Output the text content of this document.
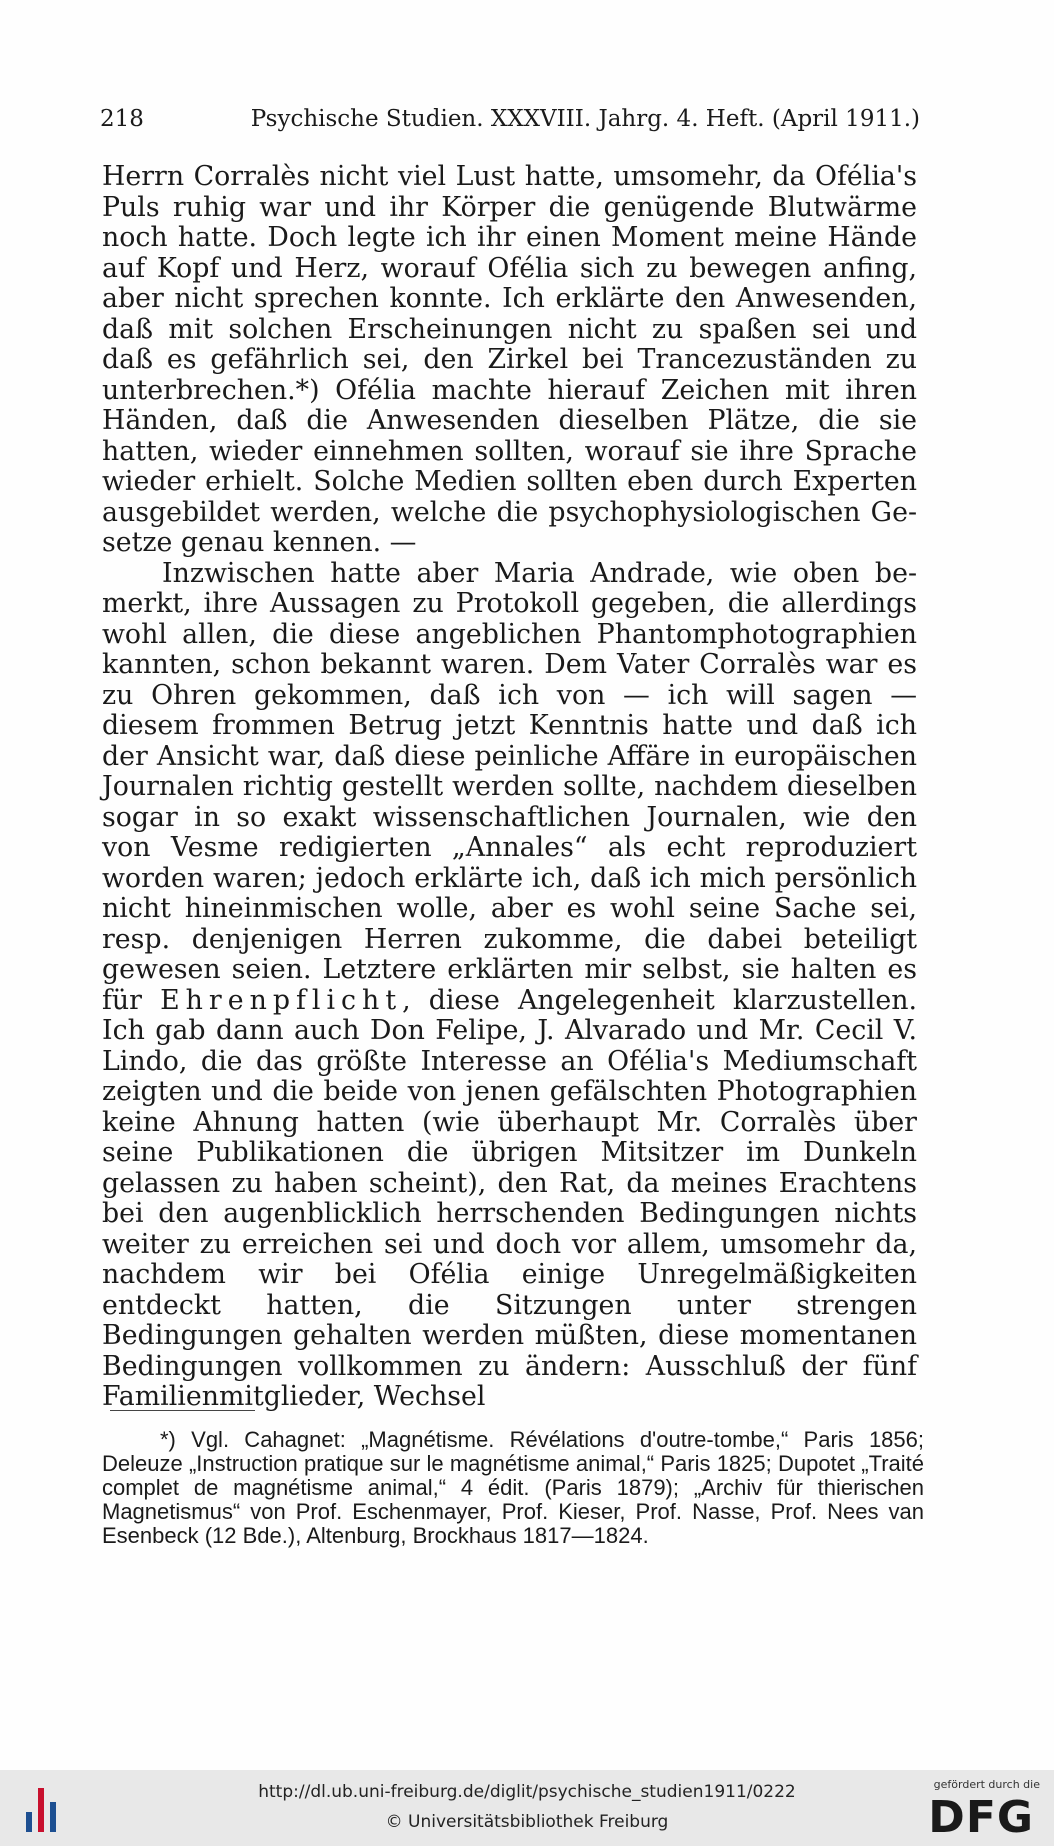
218	Psychische Studien. XXXVIII. Jahrg. 4. Heft. (April 1911.)

Herrn Corralès nicht viel Lust hatte, umsomehr, da Ofélia's Puls ruhig war und ihr Körper die genügende Blutwärme noch hatte. Doch legte ich ihr einen Moment meine Hände auf Kopf und Herz, worauf Ofélia sich zu bewegen anfing, aber nicht sprechen konnte. Ich erklärte den Anwesenden, daß mit solchen Erscheinungen nicht zu spaßen sei und daß es gefährlich sei, den Zirkel bei Trancezuständen zu unterbrechen.*) Ofélia machte hierauf Zeichen mit ihren Händen, daß die Anwesenden dieselben Plätze, die sie hatten, wieder einnehmen sollten, worauf sie ihre Sprache wieder erhielt. Solche Medien sollten eben durch Experten ausgebildet werden, welche die psychophysiologischen Gesetze genau kennen. —

Inzwischen hatte aber Maria Andrade, wie oben bemerkt, ihre Aussagen zu Protokoll gegeben, die allerdings wohl allen, die diese angeblichen Phantomphotographien kannten, schon bekannt waren. Dem Vater Corralès war es zu Ohren gekommen, daß ich von — ich will sagen — diesem frommen Betrug jetzt Kenntnis hatte und daß ich der Ansicht war, daß diese peinliche Affäre in europäischen Journalen richtig gestellt werden sollte, nachdem dieselben sogar in so exakt wissenschaftlichen Journalen, wie den von Vesme redigierten „Annales“ als echt reproduziert worden waren; jedoch erklärte ich, daß ich mich persönlich nicht hineinmischen wolle, aber es wohl seine Sache sei, resp. denjenigen Herren zukomme, die dabei beteiligt gewesen seien. Letztere erklärten mir selbst, sie halten es für Ehrenpflicht, diese Angelegenheit klarzustellen. Ich gab dann auch Don Felipe, J. Alvarado und Mr. Cecil V. Lindo, die das größte Interesse an Ofélia's Mediumschaft zeigten und die beide von jenen gefälschten Photographien keine Ahnung hatten (wie überhaupt Mr. Corralès über seine Publikationen die übrigen Mitsitzer im Dunkeln gelassen zu haben scheint), den Rat, da meines Erachtens bei den augenblicklich herrschenden Bedingungen nichts weiter zu erreichen sei und doch vor allem, umsomehr da, nachdem wir bei Ofélia einige Unregelmäßigkeiten entdeckt hatten, die Sitzungen unter strengen Bedingungen gehalten werden müßten, diese momentanen Bedingungen vollkommen zu ändern: Ausschluß der fünf Familienmitglieder, Wechsel

*) Vgl. Cahagnet: „Magnétisme. Révélations d'outre-tombe,“ Paris 1856; Deleuze „Instruction pratique sur le magnétisme animal,“ Paris 1825; Dupotet „Traité complet de magnétisme animal,“ 4 édit. (Paris 1879); „Archiv für thierischen Magnetismus“ von Prof. Eschenmayer, Prof. Kieser, Prof. Nasse, Prof. Nees van Esenbeck (12 Bde.), Altenburg, Brockhaus 1817—1824.

http://dl.ub.uni-freiburg.de/diglit/psychische_studien1911/0222
© Universitätsbibliothek Freiburg
gefördert durch die
DFG
